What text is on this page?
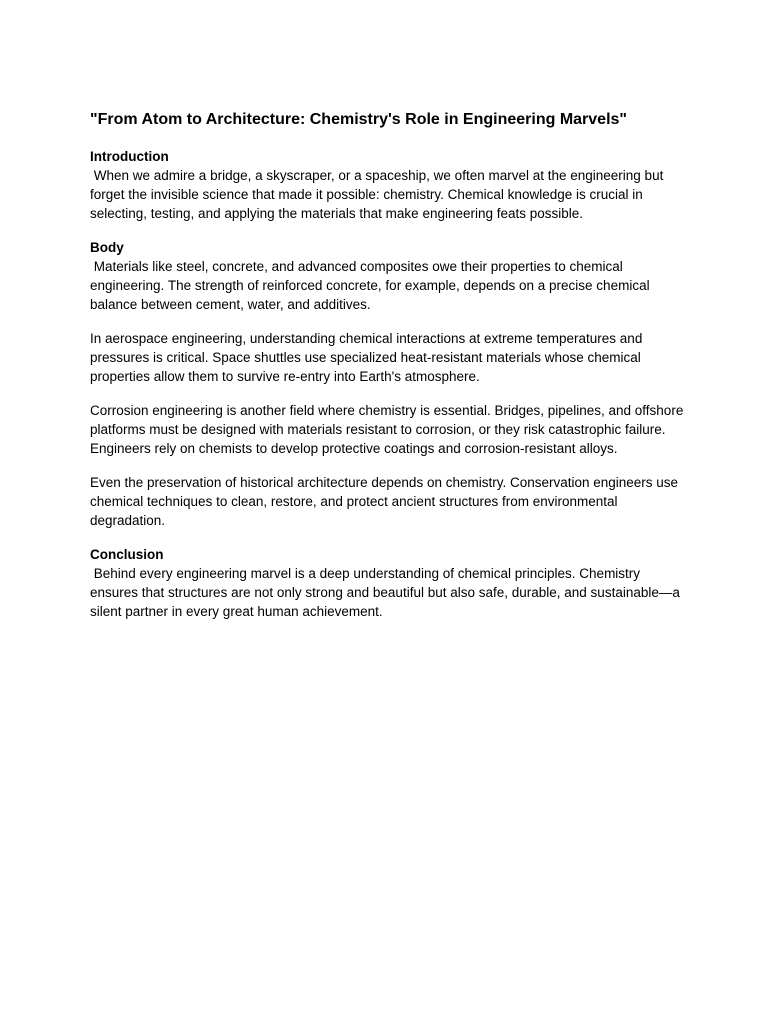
"From Atom to Architecture: Chemistry's Role in Engineering Marvels"
Introduction

When we admire a bridge, a skyscraper, or a spaceship, we often marvel at the engineering but forget the invisible science that made it possible: chemistry. Chemical knowledge is crucial in selecting, testing, and applying the materials that make engineering feats possible.

Body

Materials like steel, concrete, and advanced composites owe their properties to chemical engineering. The strength of reinforced concrete, for example, depends on a precise chemical balance between cement, water, and additives.

In aerospace engineering, understanding chemical interactions at extreme temperatures and pressures is critical. Space shuttles use specialized heat-resistant materials whose chemical properties allow them to survive re-entry into Earth's atmosphere.

Corrosion engineering is another field where chemistry is essential. Bridges, pipelines, and offshore platforms must be designed with materials resistant to corrosion, or they risk catastrophic failure. Engineers rely on chemists to develop protective coatings and corrosion-resistant alloys.

Even the preservation of historical architecture depends on chemistry. Conservation engineers use chemical techniques to clean, restore, and protect ancient structures from environmental degradation.

Conclusion

Behind every engineering marvel is a deep understanding of chemical principles. Chemistry ensures that structures are not only strong and beautiful but also safe, durable, and sustainable—a silent partner in every great human achievement.
